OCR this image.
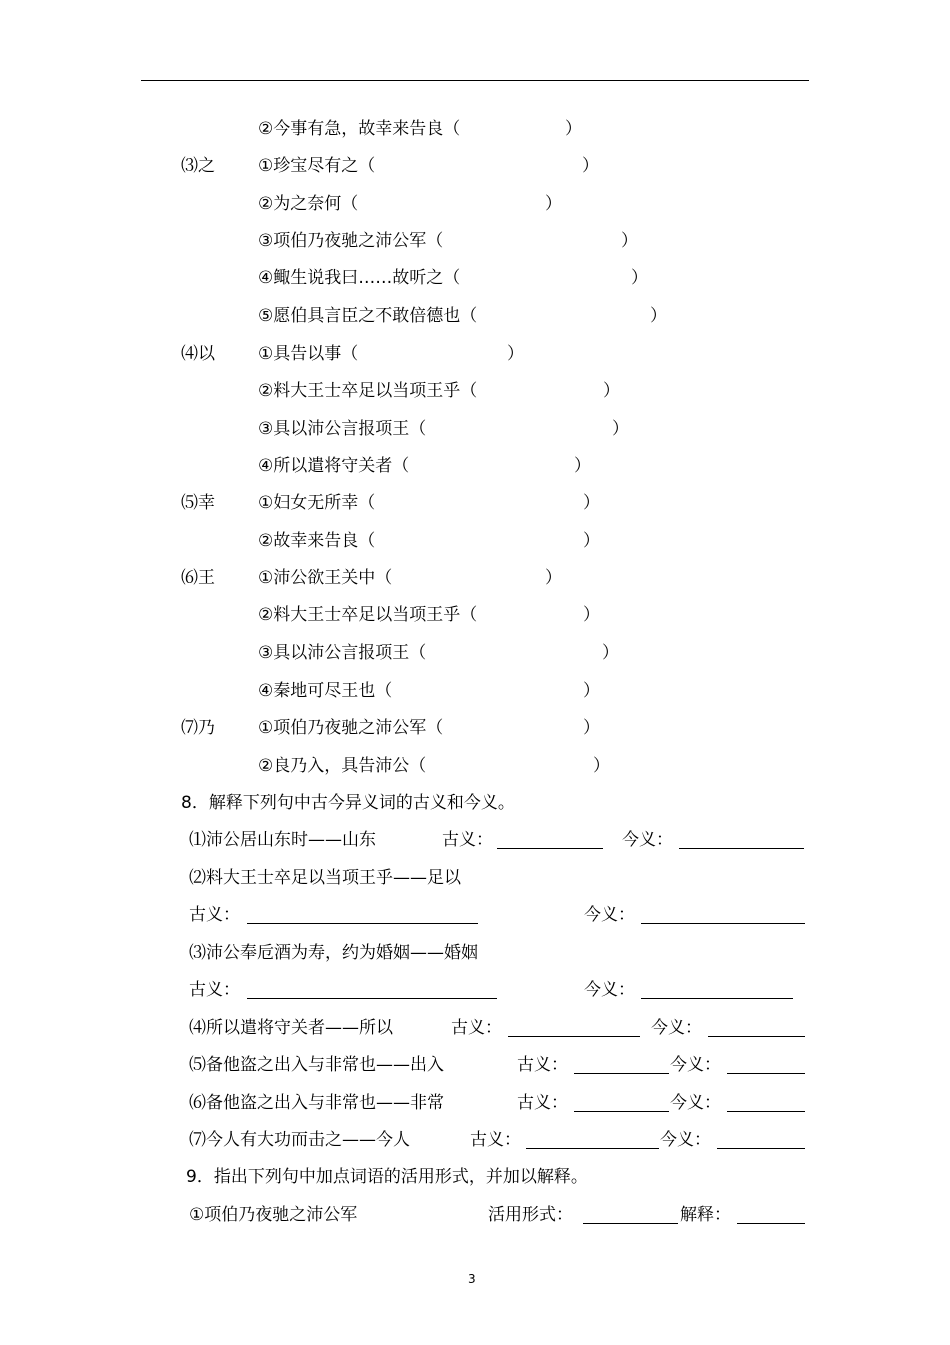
②今事有急，故幸来告良（	）
⑶之	①珍宝尽有之（	）
②为之奈何（	）
③项伯乃夜驰之沛公军（	）
④鲰生说我曰……故听之（	）
⑤愿伯具言臣之不敢倍德也（	）
⑷以	①具告以事（	）
②料大王士卒足以当项王乎（	）
③具以沛公言报项王（	）
④所以遣将守关者（	）
⑸幸	①妇女无所幸（	）
②故幸来告良（	）
⑹王	①沛公欲王关中（	）
②料大王士卒足以当项王乎（	）
③具以沛公言报项王（	）
④秦地可尽王也（	）
⑺乃	①项伯乃夜驰之沛公军（	）
②良乃入，具告沛公（	）
8．解释下列句中古今异义词的古义和今义。
⑴沛公居山东时——山东	古义：	今义：
⑵料大王士卒足以当项王乎——足以
古义：	今义：
⑶沛公奉卮酒为寿，约为婚姻——婚姻
古义：	今义：
⑷所以遣将守关者——所以	古义：	今义：
⑸备他盗之出入与非常也——出入	古义：	今义：
⑹备他盗之出入与非常也——非常	古义：	今义：
⑺今人有大功而击之——今人	古义：	今义：
9．指出下列句中加点词语的活用形式，并加以解释。
①项伯乃夜驰之沛公军	活用形式：	解释：
3
